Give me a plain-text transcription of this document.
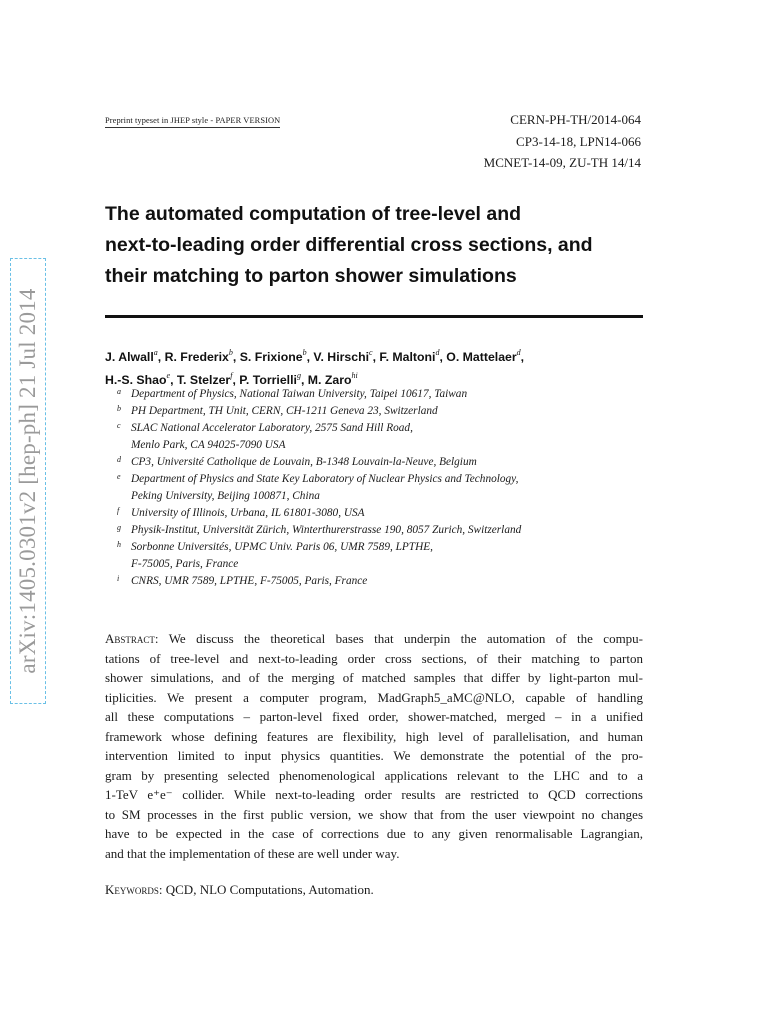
arXiv:1405.0301v2 [hep-ph] 21 Jul 2014
Preprint typeset in JHEP style - PAPER VERSION	CERN-PH-TH/2014-064
CP3-14-18, LPN14-066
MCNET-14-09, ZU-TH 14/14
The automated computation of tree-level and
next-to-leading order differential cross sections, and
their matching to parton shower simulations
J. Alwall$^a$, R. Frederix$^b$, S. Frixione$^b$, V. Hirschi$^c$, F. Maltoni$^d$, O. Mattelaer$^d$,
H.-S. Shao$^e$, T. Stelzer$^f$, P. Torrielli$^g$, M. Zaro$^{hi}$
a Department of Physics, National Taiwan University, Taipei 10617, Taiwan
b PH Department, TH Unit, CERN, CH-1211 Geneva 23, Switzerland
c SLAC National Accelerator Laboratory, 2575 Sand Hill Road,
Menlo Park, CA 94025-7090 USA
d CP3, Université Catholique de Louvain, B-1348 Louvain-la-Neuve, Belgium
e Department of Physics and State Key Laboratory of Nuclear Physics and Technology,
Peking University, Beijing 100871, China
f University of Illinois, Urbana, IL 61801-3080, USA
g Physik-Institut, Universität Zürich, Winterthurerstrasse 190, 8057 Zurich, Switzerland
h Sorbonne Universités, UPMC Univ. Paris 06, UMR 7589, LPTHE,
F-75005, Paris, France
i CNRS, UMR 7589, LPTHE, F-75005, Paris, France
Abstract: We discuss the theoretical bases that underpin the automation of the compu-
tations of tree-level and next-to-leading order cross sections, of their matching to parton
shower simulations, and of the merging of matched samples that differ by light-parton mul-
tiplicities. We present a computer program, MadGraph5_aMC@NLO, capable of handling
all these computations – parton-level fixed order, shower-matched, merged – in a unified
framework whose defining features are flexibility, high level of parallelisation, and human
intervention limited to input physics quantities. We demonstrate the potential of the pro-
gram by presenting selected phenomenological applications relevant to the LHC and to a
1-TeV e⁺e⁻ collider. While next-to-leading order results are restricted to QCD corrections
to SM processes in the first public version, we show that from the user viewpoint no changes
have to be expected in the case of corrections due to any given renormalisable Lagrangian,
and that the implementation of these are well under way.
Keywords: QCD, NLO Computations, Automation.
